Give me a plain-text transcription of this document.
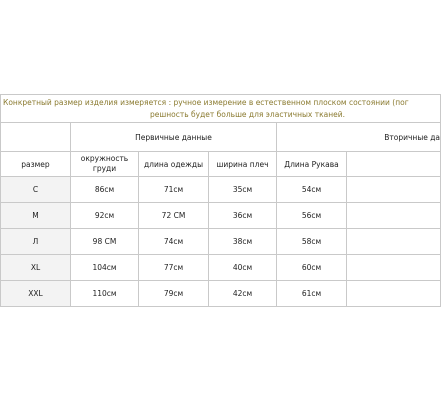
Конкретный размер изделия измеряется : ручное измерение в естественном плоском состоянии (пог
решность будет больше для эластичных тканей.					

	Первичные данные			Вторичные да	
размер	окружность груди	длина одежды	ширина плеч	Длина Рукава	
C	86см	71см	35см	54см	
M	92см	72 СМ	36см	56см	
Л	98 СМ	74см	38см	58см	
XL	104см	77см	40см	60см	
XXL	110см	79см	42см	61см	
